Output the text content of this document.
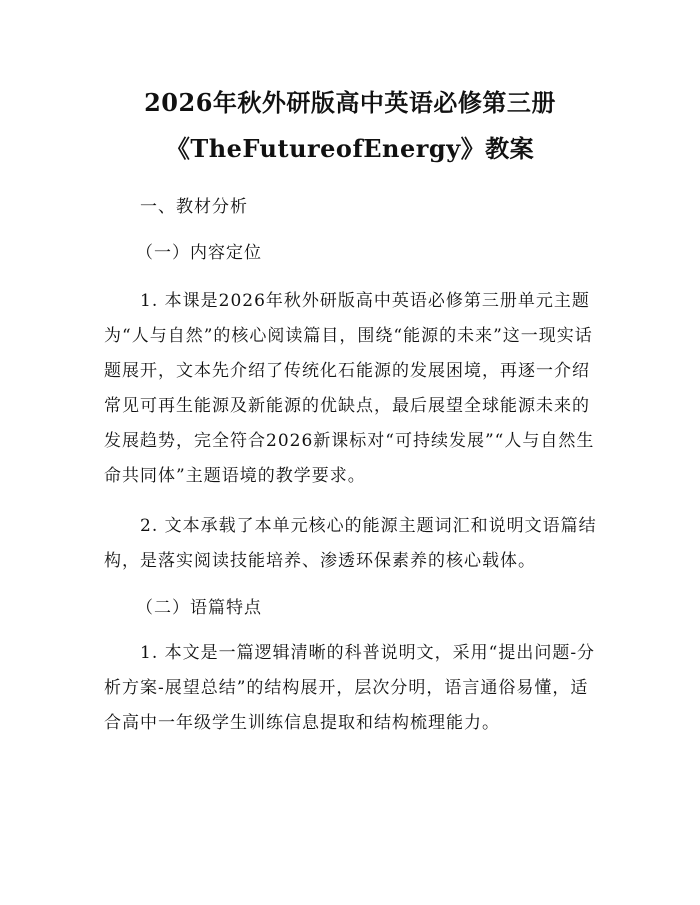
2026年秋外研版高中英语必修第三册
《TheFutureofEnergy》教案

一、教材分析

（一）内容定位

1. 本课是2026年秋外研版高中英语必修第三册单元主题为“人与自然”的核心阅读篇目，围绕“能源的未来”这一现实话题展开，文本先介绍了传统化石能源的发展困境，再逐一介绍常见可再生能源及新能源的优缺点，最后展望全球能源未来的发展趋势，完全符合2026新课标对“可持续发展”“人与自然生命共同体”主题语境的教学要求。

2. 文本承载了本单元核心的能源主题词汇和说明文语篇结构，是落实阅读技能培养、渗透环保素养的核心载体。

（二）语篇特点

1. 本文是一篇逻辑清晰的科普说明文，采用“提出问题-分析方案-展望总结”的结构展开，层次分明，语言通俗易懂，适合高中一年级学生训练信息提取和结构梳理能力。
